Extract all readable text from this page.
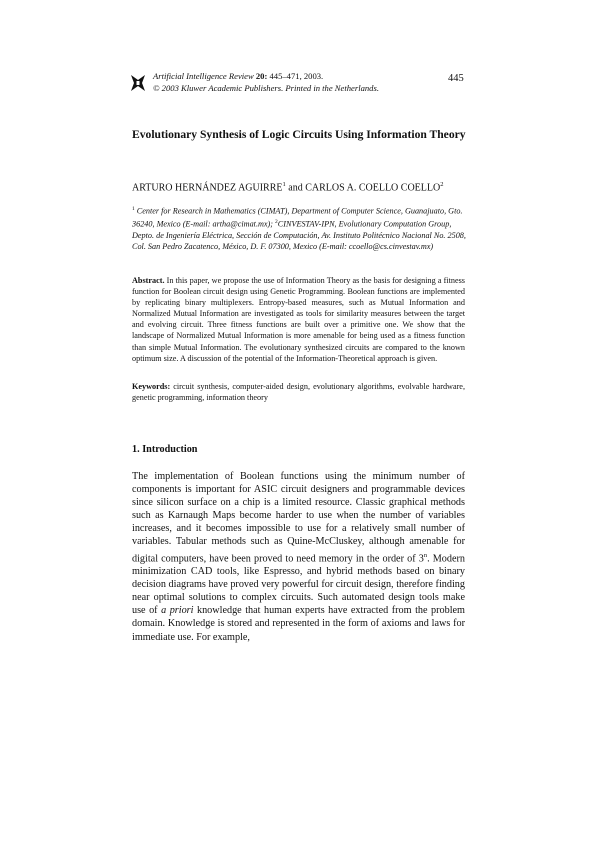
Artificial Intelligence Review 20: 445–471, 2003.
© 2003 Kluwer Academic Publishers. Printed in the Netherlands.
445
Evolutionary Synthesis of Logic Circuits Using Information Theory
ARTURO HERNÁNDEZ AGUIRRE$^1$ and CARLOS A. COELLO COELLO$^2$
$^1$ Center for Research in Mathematics (CIMAT), Department of Computer Science, Guanajuato, Gto. 36240, Mexico (E-mail: artha@cimat.mx); $^2$CINVESTAV-IPN, Evolutionary Computation Group, Depto. de Ingeniería Eléctrica, Sección de Computación, Av. Instituto Politécnico Nacional No. 2508, Col. San Pedro Zacatenco, México, D. F. 07300, Mexico (E-mail: ccoello@cs.cinvestav.mx)
Abstract. In this paper, we propose the use of Information Theory as the basis for designing a fitness function for Boolean circuit design using Genetic Programming. Boolean functions are implemented by replicating binary multiplexers. Entropy-based measures, such as Mutual Information and Normalized Mutual Information are investigated as tools for similarity measures between the target and evolving circuit. Three fitness functions are built over a primitive one. We show that the landscape of Normalized Mutual Information is more amenable for being used as a fitness function than simple Mutual Information. The evolutionary synthesized circuits are compared to the known optimum size. A discussion of the potential of the Information-Theoretical approach is given.
Keywords: circuit synthesis, computer-aided design, evolutionary algorithms, evolvable hardware, genetic programming, information theory
1. Introduction
The implementation of Boolean functions using the minimum number of components is important for ASIC circuit designers and programmable devices since silicon surface on a chip is a limited resource. Classic graphical methods such as Karnaugh Maps become harder to use when the number of variables increases, and it becomes impossible to use for a relatively small number of variables. Tabular methods such as Quine-McCluskey, although amenable for digital computers, have been proved to need memory in the order of 3$^n$. Modern minimization CAD tools, like Espresso, and hybrid methods based on binary decision diagrams have proved very powerful for circuit design, therefore finding near optimal solutions to complex circuits. Such automated design tools make use of a priori knowledge that human experts have extracted from the problem domain. Knowledge is stored and represented in the form of axioms and laws for immediate use. For example,
